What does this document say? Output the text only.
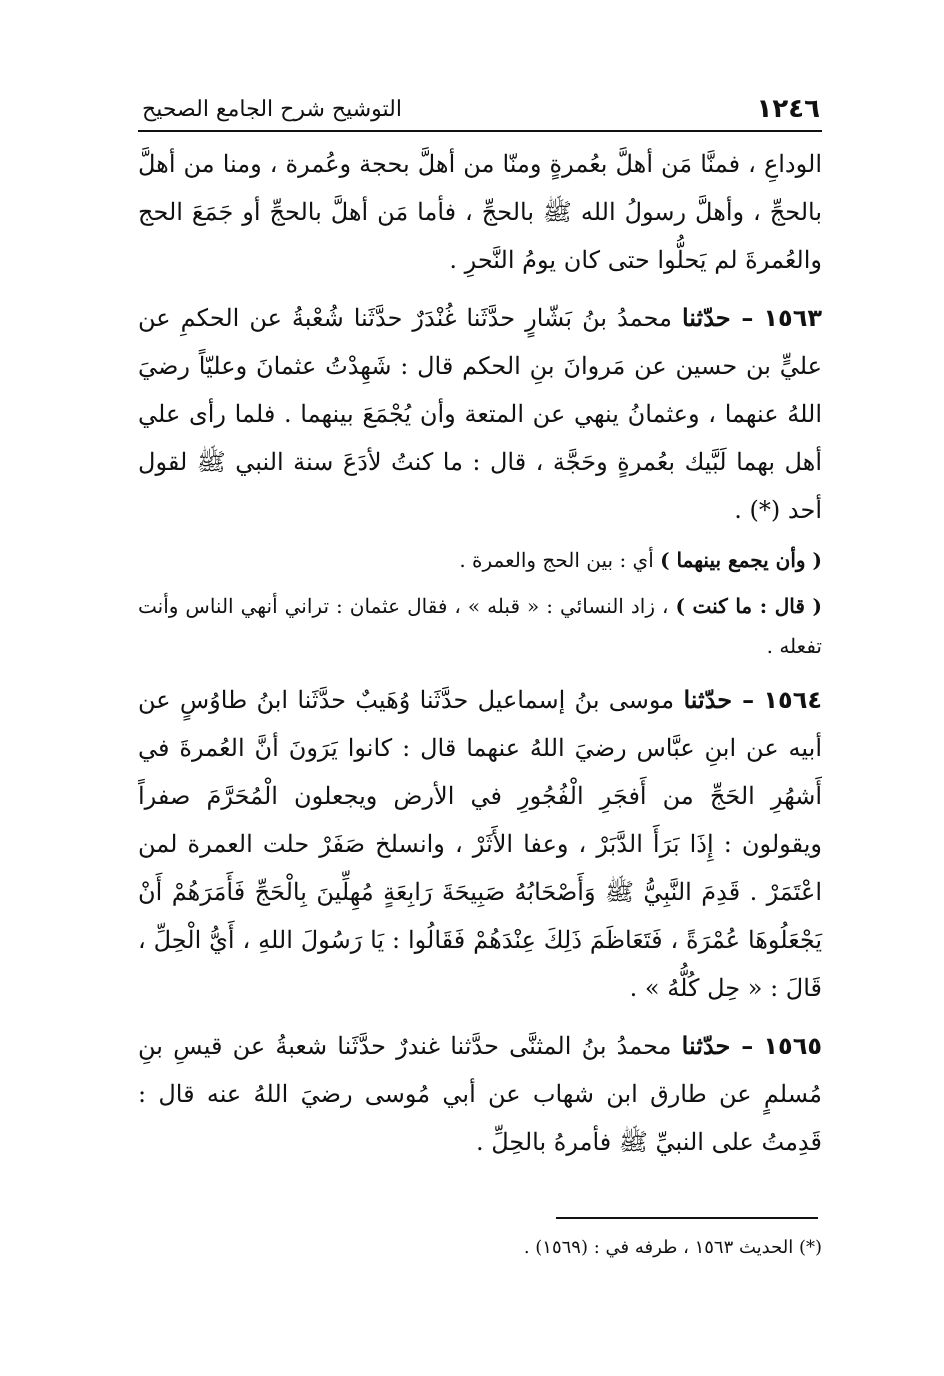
١٢٤٦
التوشيح شرح الجامع الصحيح

الوداعِ ، فمنَّا مَن أهلَّ بعُمرةٍ ومنّا من أهلَّ بحجة وعُمرة ، ومنا من أهلَّ بالحجِّ ، وأهلَّ رسولُ الله ﷺ بالحجِّ ، فأما مَن أهلَّ بالحجِّ أو جَمَعَ الحج والعُمرةَ لم يَحلُّوا حتى كان يومُ النَّحرِ .

١٥٦٣ – حدّثنا محمدُ بنُ بَشّارٍ حدَّثَنا غُنْدَرٌ حدَّثَنا شُعْبةُ عن الحكمِ عن عليٍّ بن حسين عن مَروانَ بنِ الحكم قال : شَهِدْتُ عثمانَ وعليّاً رضيَ اللهُ عنهما ، وعثمانُ ينهي عن المتعة وأن يُجْمَعَ بينهما . فلما رأى علي أهل بهما لَبَّيك بعُمرةٍ وحَجَّة ، قال : ما كنتُ لأدَعَ سنة النبي ﷺ لقول أحد (*) .

( وأن يجمع بينهما ) أي : بين الحج والعمرة .

( قال : ما كنت ) ، زاد النسائي : « قبله » ، فقال عثمان : تراني أنهي الناس وأنت تفعله .

١٥٦٤ – حدّثنا موسى بنُ إسماعيل حدَّثَنا وُهَيبٌ حدَّثَنا ابنُ طاوُسٍ عن أبيه عن ابنِ عبَّاس رضيَ اللهُ عنهما قال : كانوا يَرَونَ أنَّ العُمرةَ في أَشهُرِ الحَجِّ من أَفجَرِ الْفُجُورِ في الأرض ويجعلون الْمُحَرَّمَ صفراً ويقولون : إِذَا بَرَأَ الدَّبَرْ ، وعفا الأَثَرْ ، وانسلخ صَفَرْ حلت العمرة لمن اعْتَمَرْ . قَدِمَ النَّبِيُّ ﷺ وَأَصْحَابُهُ صَبِيحَةَ رَابِعَةٍ مُهِلِّينَ بِالْحَجِّ فَأَمَرَهُمْ أَنْ يَجْعَلُوهَا عُمْرَةً ، فَتَعَاظَمَ ذَلِكَ عِنْدَهُمْ فَقَالُوا : يَا رَسُولَ اللهِ ، أَيُّ الْحِلِّ ، قَالَ : « حِل كُلُّهُ » .

١٥٦٥ – حدّثنا محمدُ بنُ المثنَّى حدَّثنا غندرٌ حدَّثَنا شعبةُ عن قيسِ بنِ مُسلمٍ عن طارق ابن شهاب عن أبي مُوسى رضيَ اللهُ عنه قال : قَدِمتُ على النبيِّ ﷺ فأمرهُ بالحِلِّ .

(*) الحديث ١٥٦٣ ، طرفه في : (١٥٦٩) .
